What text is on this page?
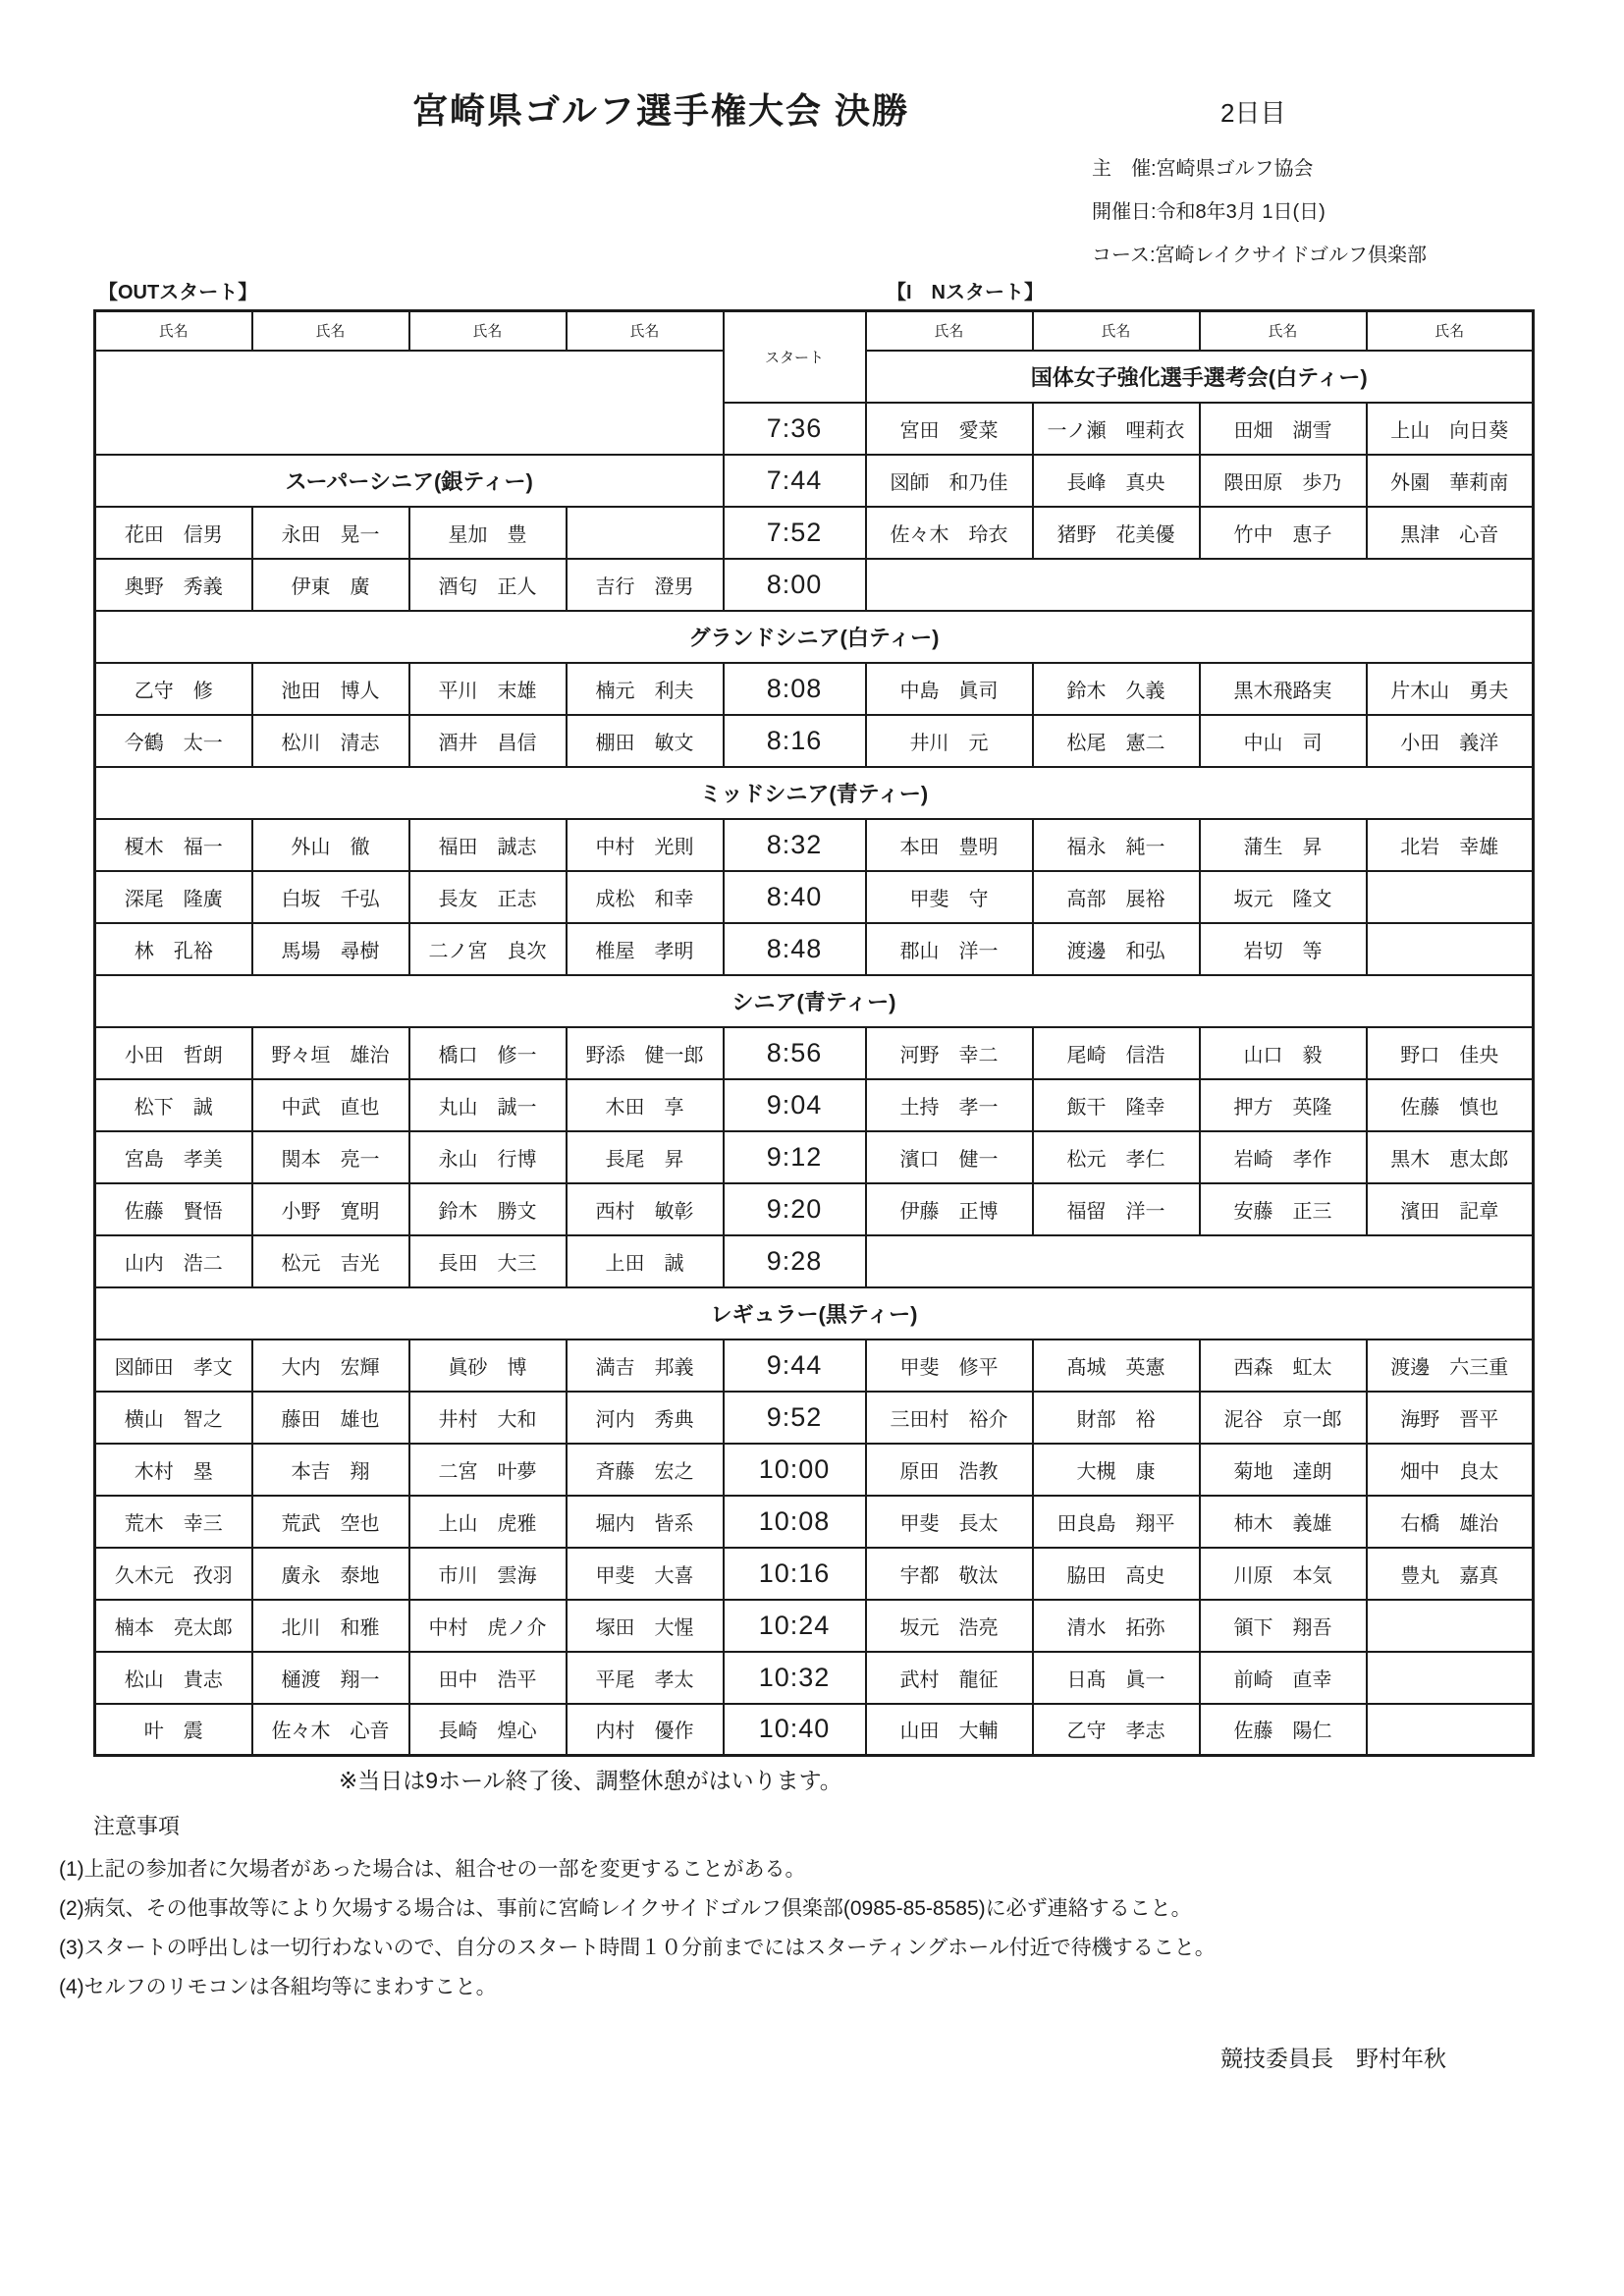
宮崎県ゴルフ選手権大会 決勝	2日目
主　催:宮崎県ゴルフ協会
開催日:令和8年3月 1日(日)
コース:宮崎レイクサイドゴルフ倶楽部
【OUTスタート】	【I　Nスタート】
氏名	氏名	氏名	氏名	スタート	氏名	氏名	氏名	氏名
					国体女子強化選手選考会(白ティー)			
				7:36	宮田　愛菜	一ノ瀬　哩莉衣	田畑　湖雪	上山　向日葵
スーパーシニア(銀ティー)				7:44	図師　和乃佳	長峰　真央	隈田原　歩乃	外園　華莉南
花田　信男	永田　晃一	星加　豊		7:52	佐々木　玲衣	猪野　花美優	竹中　恵子	黒津　心音
奥野　秀義	伊東　廣	酒匂　正人	吉行　澄男	8:00				
グランドシニア(白ティー)								
乙守　修	池田　博人	平川　末雄	楠元　利夫	8:08	中島　眞司	鈴木　久義	黒木飛路実	片木山　勇夫
今鶴　太一	松川　清志	酒井　昌信	棚田　敏文	8:16	井川　元	松尾　憲二	中山　司	小田　義洋
ミッドシニア(青ティー)								
榎木　福一	外山　徹	福田　誠志	中村　光則	8:32	本田　豊明	福永　純一	蒲生　昇	北岩　幸雄
深尾　隆廣	白坂　千弘	長友　正志	成松　和幸	8:40	甲斐　守	高部　展裕	坂元　隆文	
林　孔裕	馬場　尋樹	二ノ宮　良次	椎屋　孝明	8:48	郡山　洋一	渡邊　和弘	岩切　等	
シニア(青ティー)								
小田　哲朗	野々垣　雄治	橋口　修一	野添　健一郎	8:56	河野　幸二	尾崎　信浩	山口　毅	野口　佳央
松下　誠	中武　直也	丸山　誠一	木田　享	9:04	土持　孝一	飯干　隆幸	押方　英隆	佐藤　慎也
宮島　孝美	関本　亮一	永山　行博	長尾　昇	9:12	濱口　健一	松元　孝仁	岩崎　孝作	黒木　恵太郎
佐藤　賢悟	小野　寛明	鈴木　勝文	西村　敏彰	9:20	伊藤　正博	福留　洋一	安藤　正三	濱田　記章
山内　浩二	松元　吉光	長田　大三	上田　誠	9:28				
レギュラー(黒ティー)								
図師田　孝文	大内　宏輝	眞砂　博	満吉　邦義	9:44	甲斐　修平	髙城　英憲	西森　虹太	渡邊　六三重
横山　智之	藤田　雄也	井村　大和	河内　秀典	9:52	三田村　裕介	財部　裕	泥谷　京一郎	海野　晋平
木村　塁	本吉　翔	二宮　叶夢	斉藤　宏之	10:00	原田　浩教	大槻　康	菊地　達朗	畑中　良太
荒木　幸三	荒武　空也	上山　虎雅	堀内　皆系	10:08	甲斐　長太	田良島　翔平	柿木　義雄	右橋　雄治
久木元　孜羽	廣永　泰地	市川　雲海	甲斐　大喜	10:16	宇都　敬汰	脇田　高史	川原　本気	豊丸　嘉真
楠本　亮太郎	北川　和雅	中村　虎ノ介	塚田　大惺	10:24	坂元　浩亮	清水　拓弥	領下　翔吾	
松山　貴志	樋渡　翔一	田中　浩平	平尾　孝太	10:32	武村　龍征	日髙　眞一	前崎　直幸	
叶　震	佐々木　心音	長崎　煌心	内村　優作	10:40	山田　大輔	乙守　孝志	佐藤　陽仁	
※当日は9ホール終了後、調整休憩がはいります。
注意事項
(1)上記の参加者に欠場者があった場合は、組合せの一部を変更することがある。
(2)病気、その他事故等により欠場する場合は、事前に宮崎レイクサイドゴルフ倶楽部(0985-85-8585)に必ず連絡すること。
(3)スタートの呼出しは一切行わないので、自分のスタート時間１０分前までにはスターティングホール付近で待機すること。
(4)セルフのリモコンは各組均等にまわすこと。
競技委員長　野村年秋
